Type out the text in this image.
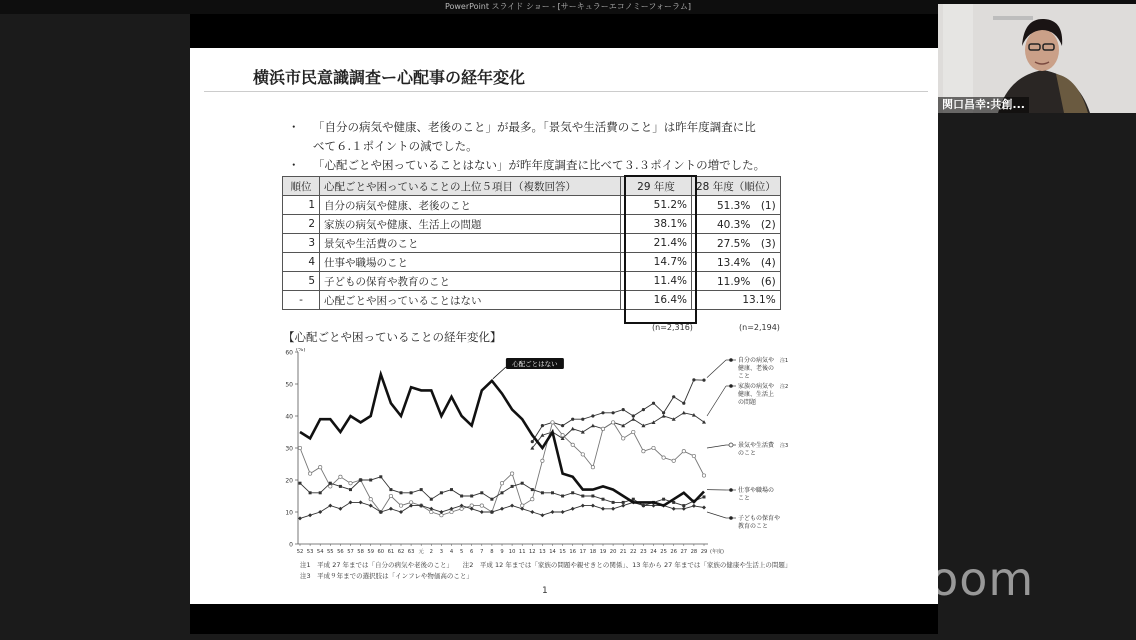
PowerPoint スライド ショー - [サーキュラーエコノミーフォーラム]
横浜市民意識調査ー心配事の経年変化
・ 「自分の病気や健康、老後のこと」が最多。「景気や生活費のこと」は昨年度調査に比
べて６.１ポイントの減でした。
・ 「心配ごとや困っていることはない」が昨年度調査に比べて３.３ポイントの増でした。
順位	心配ごとや困っていることの上位５項目（複数回答）	29 年度	28 年度（順位）
1	自分の病気や健康、老後のこと	51.2%	51.3%　(1)
2	家族の病気や健康、生活上の問題	38.1%	40.3%　(2)
3	景気や生活費のこと	21.4%	27.5%　(3)
4	仕事や職場のこと	14.7%	13.4%　(4)
5	子どもの保育や教育のこと	11.4%	11.9%　(6)
-	心配ごとや困っていることはない	16.4%	13.1%
(n=2,316)	(n=2,194)
【心配ごとや困っていることの経年変化】
0
10
20
30
40
50
60 (%)
52 53 54 55 56 57 58 59 60 61 62 63 元 2 3 4 5 6 7 8 9 10 11 12 13 14 15 16 17 18 19 20 21 22 23 24 25 26 27 28 29 (年度)
心配ごとはない	自分の病気や
健康、老後の
こと
注1
家族の病気や
健康、生活上
の問題
注2
景気や生活費
のこと
注3
仕事や職場の
こと
子どもの保育や
教育のこと
注1　平成 27 年までは「自分の病気や老後のこと」　　注2　平成 12 年までは「家族の問題や親せきとの関係」、13 年から 27 年までは「家族の健康や生活上の問題」
注3　平成９年までの選択肢は「インフレや物価高のこと」
1
関口昌幸:共創...
zoom
